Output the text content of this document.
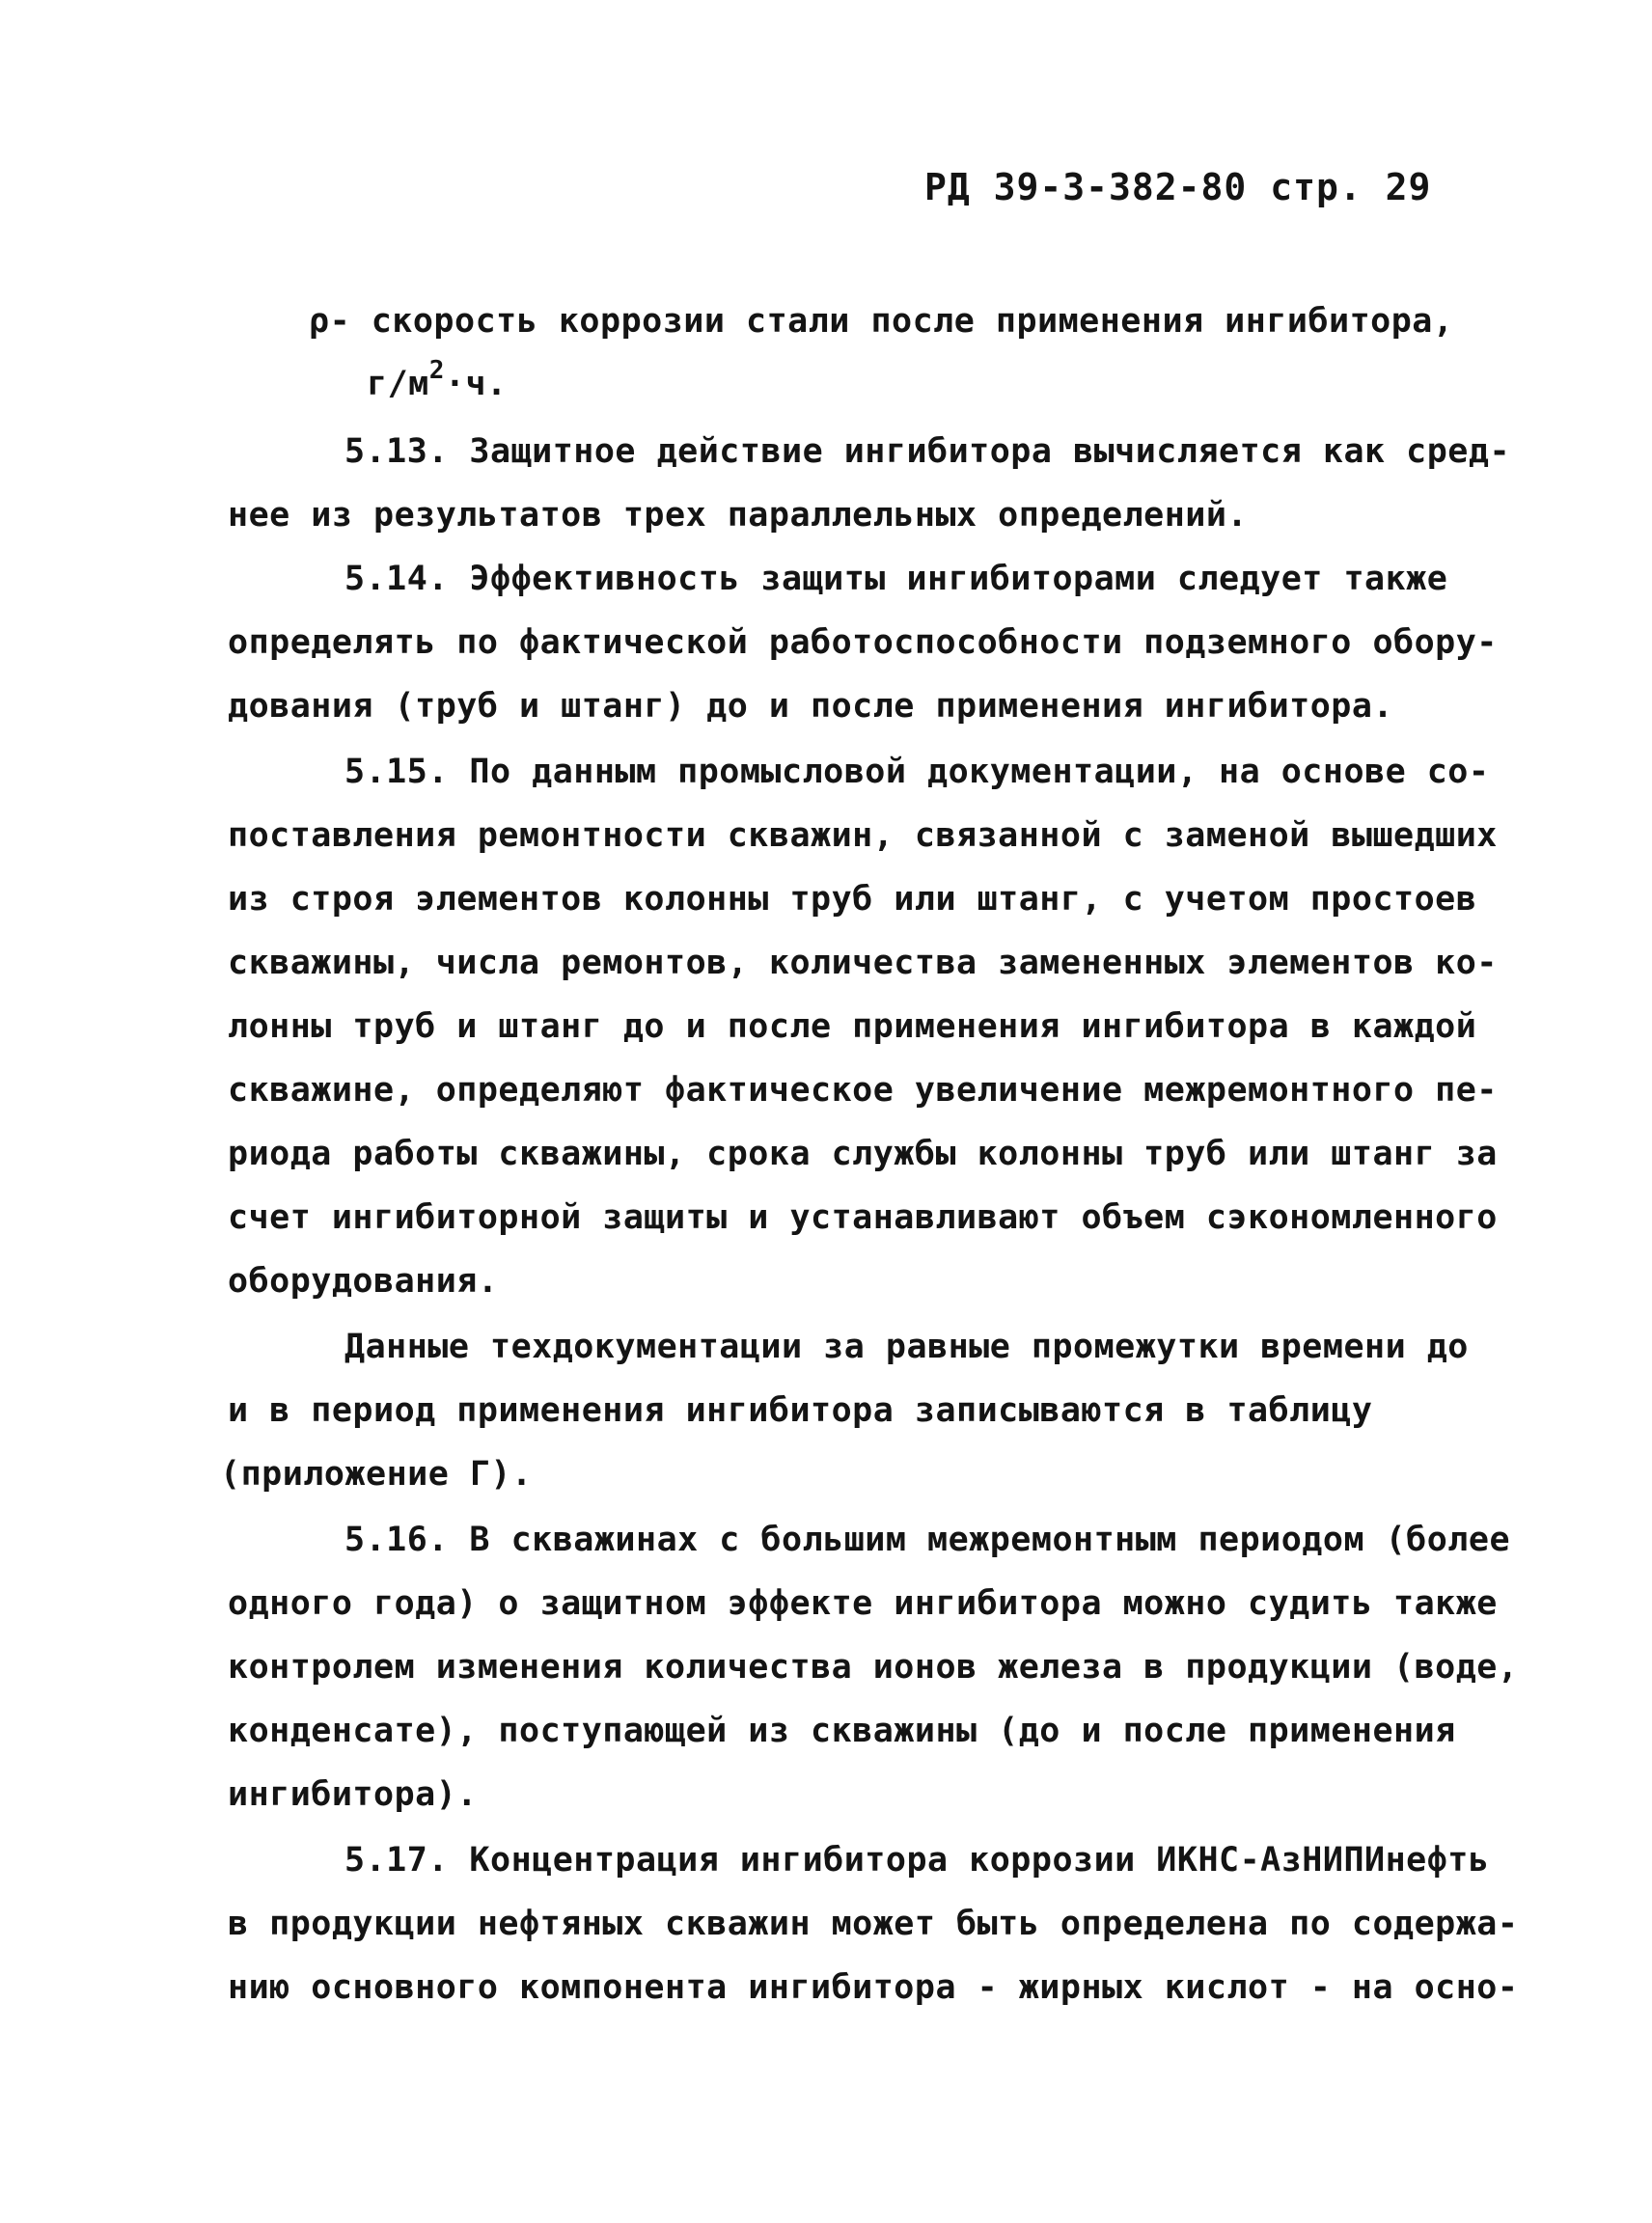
РД 39-3-382-80 стр. 29
ρ- скорость коррозии стали после применения ингибитора,
$г/м^2\cdot ч$.
5.13. Защитное действие ингибитора вычисляется как сред-
нее из результатов трех параллельных определений.
5.14. Эффективность защиты ингибиторами следует также
определять по фактической работоспособности подземного обору-
дования (труб и штанг) до и после применения ингибитора.
5.15. По данным промысловой документации, на основе со-
поставления ремонтности скважин, связанной с заменой вышедших
из строя элементов колонны труб или штанг, с учетом простоев
скважины, числа ремонтов, количества замененных элементов ко-
лонны труб и штанг до и после применения ингибитора в каждой
скважине, определяют фактическое увеличение межремонтного пе-
риода работы скважины, срока службы колонны труб или штанг за
счет ингибиторной защиты и устанавливают объем сэкономленного
оборудования.
Данные техдокументации за равные промежутки времени до
и в период применения ингибитора записываются в таблицу
(приложение Г).
5.16. В скважинах с большим межремонтным периодом (более
одного года) о защитном эффекте ингибитора можно судить также
контролем изменения количества ионов железа в продукции (воде,
конденсате), поступающей из скважины (до и после применения
ингибитора).
5.17. Концентрация ингибитора коррозии ИКНС-АзНИПИнефть
в продукции нефтяных скважин может быть определена по содержа-
нию основного компонента ингибитора - жирных кислот - на осно-
